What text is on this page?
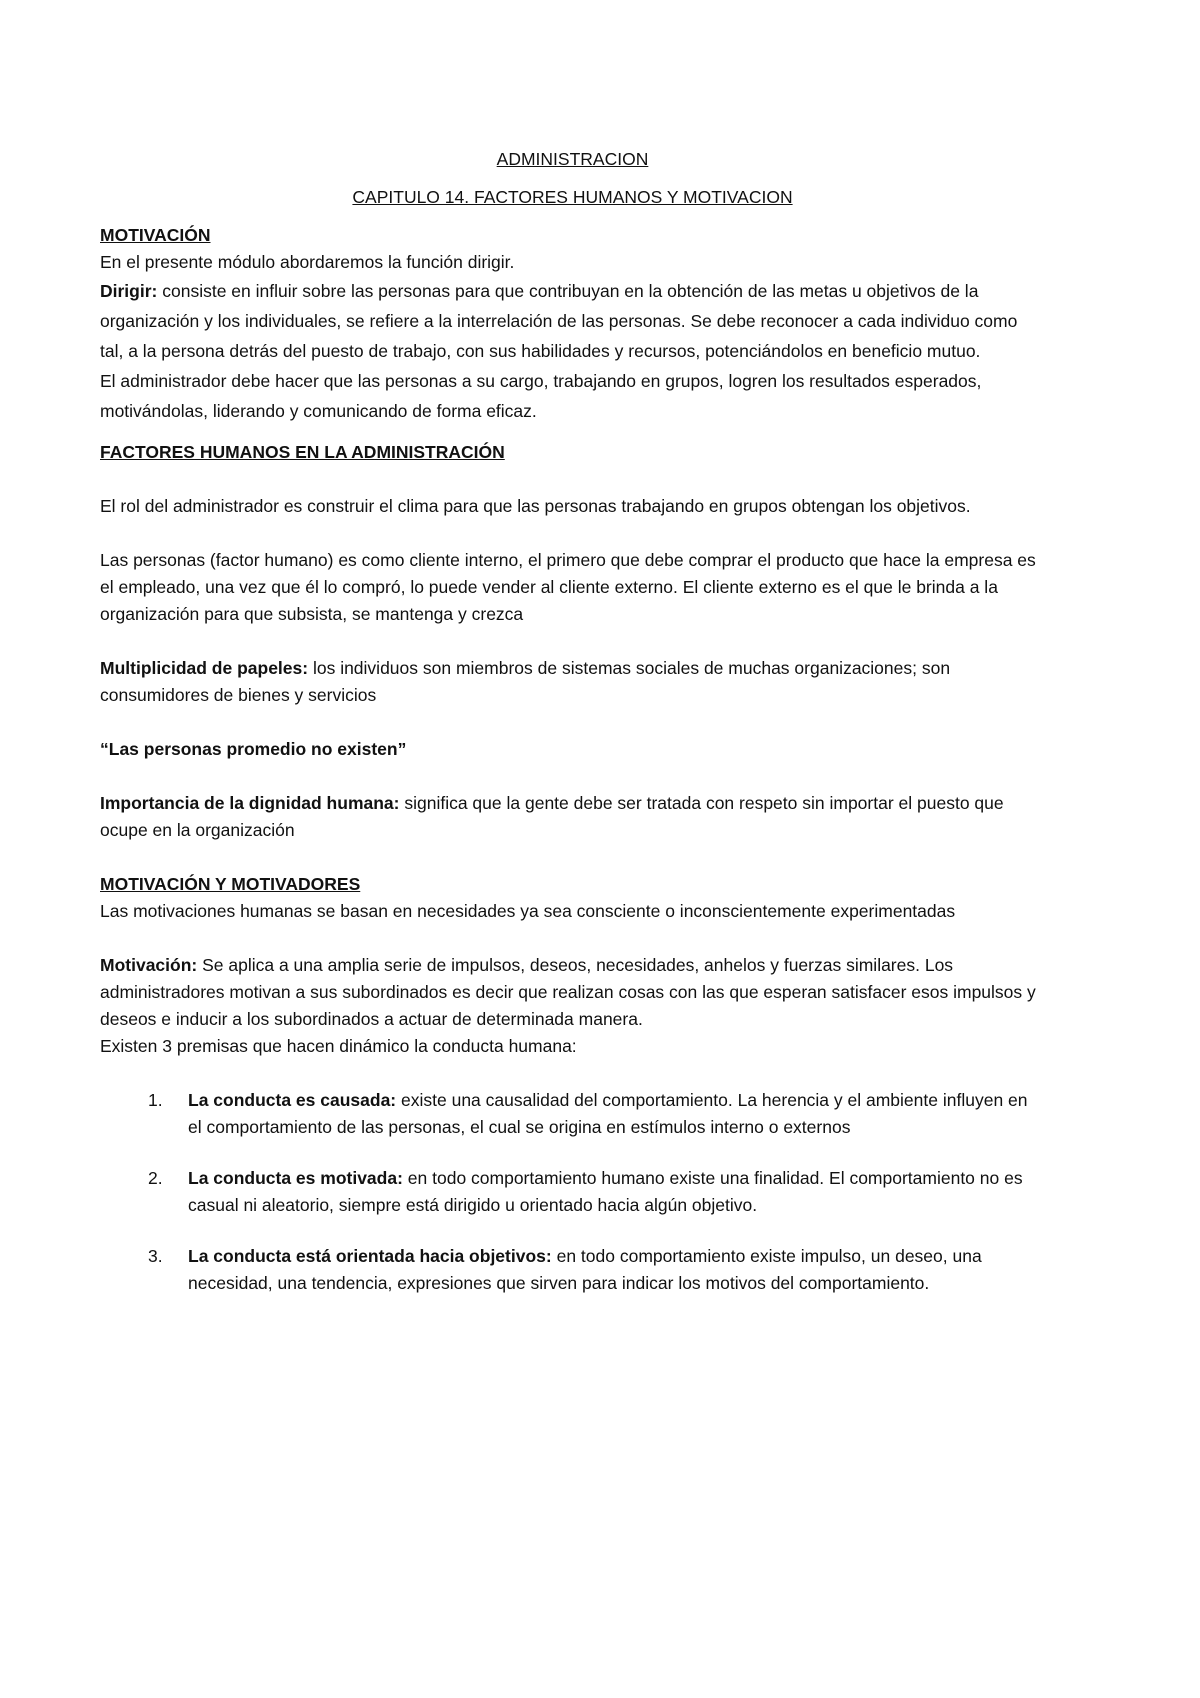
ADMINISTRACION

CAPITULO 14. FACTORES HUMANOS Y MOTIVACION

MOTIVACIÓN

En el presente módulo abordaremos la función dirigir.

Dirigir: consiste en influir sobre las personas para que contribuyan en la obtención de las metas u objetivos de la organización y los individuales, se refiere a la interrelación de las personas. Se debe reconocer a cada individuo como tal, a la persona detrás del puesto de trabajo, con sus habilidades y recursos, potenciándolos en beneficio mutuo.

El administrador debe hacer que las personas a su cargo, trabajando en grupos, logren los resultados esperados, motivándolas, liderando y comunicando de forma eficaz.

FACTORES HUMANOS EN LA ADMINISTRACIÓN

El rol del administrador es construir el clima para que las personas trabajando en grupos obtengan los objetivos.

Las personas (factor humano) es como cliente interno, el primero que debe comprar el producto que hace la empresa es el empleado, una vez que él lo compró, lo puede vender al cliente externo. El cliente externo es el que le brinda a la organización para que subsista, se mantenga y crezca

Multiplicidad de papeles: los individuos son miembros de sistemas sociales de muchas organizaciones; son consumidores de bienes y servicios

“Las personas promedio no existen”

Importancia de la dignidad humana: significa que la gente debe ser tratada con respeto sin importar el puesto que ocupe en la organización

MOTIVACIÓN Y MOTIVADORES

Las motivaciones humanas se basan en necesidades ya sea consciente o inconscientemente experimentadas

Motivación: Se aplica a una amplia serie de impulsos, deseos, necesidades, anhelos y fuerzas similares. Los administradores motivan a sus subordinados es decir que realizan cosas con las que esperan satisfacer esos impulsos y deseos e inducir a los subordinados a actuar de determinada manera.

Existen 3 premisas que hacen dinámico la conducta humana:

1. La conducta es causada: existe una causalidad del comportamiento. La herencia y el ambiente influyen en el comportamiento de las personas, el cual se origina en estímulos interno o externos
2. La conducta es motivada: en todo comportamiento humano existe una finalidad. El comportamiento no es casual ni aleatorio, siempre está dirigido u orientado hacia algún objetivo.
3. La conducta está orientada hacia objetivos: en todo comportamiento existe impulso, un deseo, una necesidad, una tendencia, expresiones que sirven para indicar los motivos del comportamiento.
